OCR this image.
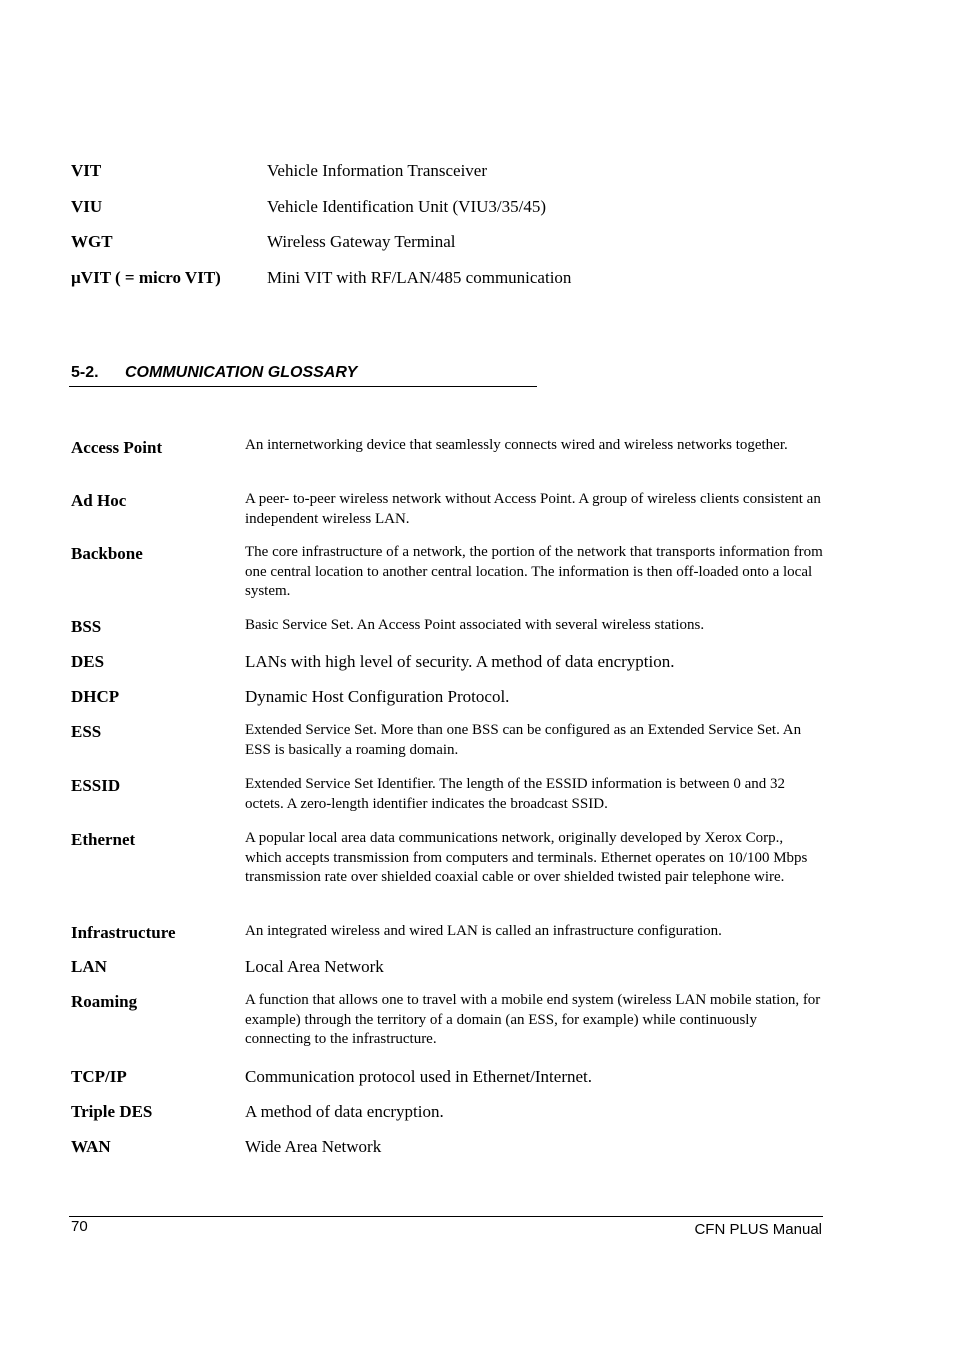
VIT	Vehicle Information Transceiver
VIU	Vehicle Identification Unit (VIU3/35/45)
WGT	Wireless Gateway Terminal
µVIT ( = micro VIT)	Mini VIT with RF/LAN/485 communication
5-2. COMMUNICATION GLOSSARY
Access Point	An internetworking device that seamlessly connects wired and wireless networks together.
Ad Hoc	A peer- to-peer wireless network without Access Point. A group of wireless clients consistent an independent wireless LAN.
Backbone	The core infrastructure of a network, the portion of the network that transports information from one central location to another central location. The information is then off-loaded onto a local system.
BSS	Basic Service Set. An Access Point associated with several wireless stations.
DES	LANs with high level of security. A method of data encryption.
DHCP	Dynamic Host Configuration Protocol.
ESS	Extended Service Set. More than one BSS can be configured as an Extended Service Set. An ESS is basically a roaming domain.
ESSID	Extended Service Set Identifier. The length of the ESSID information is between 0 and 32 octets. A zero-length identifier indicates the broadcast SSID.
Ethernet	A popular local area data communications network, originally developed by Xerox Corp., which accepts transmission from computers and terminals. Ethernet operates on 10/100 Mbps transmission rate over shielded coaxial cable or over shielded twisted pair telephone wire.
Infrastructure	An integrated wireless and wired LAN is called an infrastructure configuration.
LAN	Local Area Network
Roaming	A function that allows one to travel with a mobile end system (wireless LAN mobile station, for example) through the territory of a domain (an ESS, for example) while continuously connecting to the infrastructure.
TCP/IP	Communication protocol used in Ethernet/Internet.
Triple DES	A method of data encryption.
WAN	Wide Area Network
70	CFN PLUS Manual
